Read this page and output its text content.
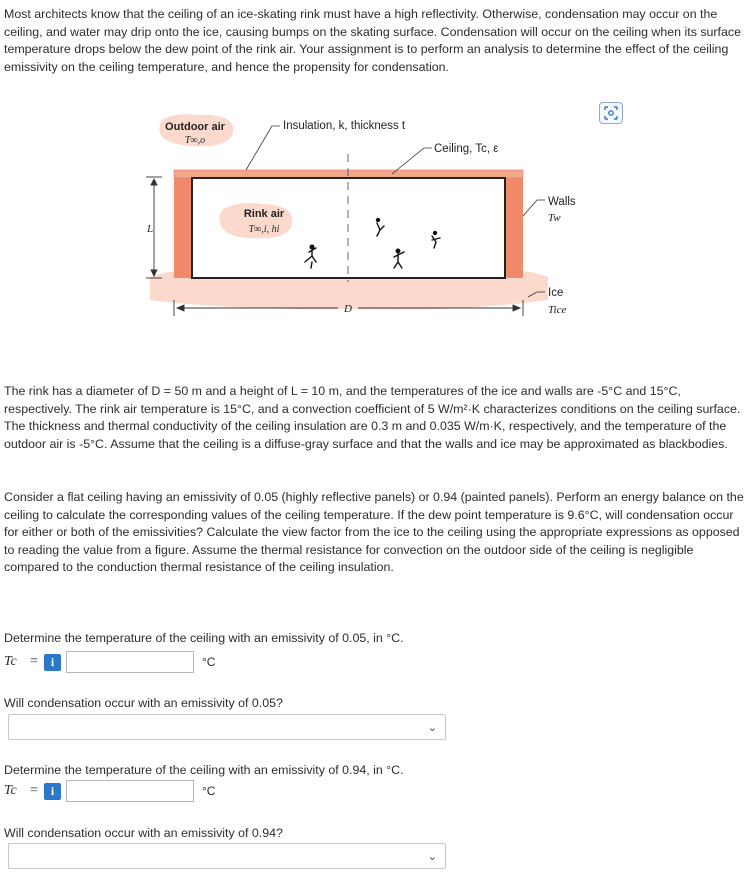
Most architects know that the ceiling of an ice-skating rink must have a high reflectivity. Otherwise, condensation may occur on the ceiling, and water may drip onto the ice, causing bumps on the skating surface. Condensation will occur on the ceiling when its surface temperature drops below the dew point of the rink air. Your assignment is to perform an analysis to determine the effect of the ceiling emissivity on the ceiling temperature, and hence the propensity for condensation.

Outdoor air
T∞,o
Insulation, k, thickness t
Ceiling, Tc, ε
Rink air
T∞,i, hi
Walls
Tw
Ice
Tice
L
D

The rink has a diameter of D = 50 m and a height of L = 10 m, and the temperatures of the ice and walls are -5°C and 15°C, respectively. The rink air temperature is 15°C, and a convection coefficient of 5 W/m²·K characterizes conditions on the ceiling surface. The thickness and thermal conductivity of the ceiling insulation are 0.3 m and 0.035 W/m·K, respectively, and the temperature of the outdoor air is -5°C. Assume that the ceiling is a diffuse-gray surface and that the walls and ice may be approximated as blackbodies.

Consider a flat ceiling having an emissivity of 0.05 (highly reflective panels) or 0.94 (painted panels). Perform an energy balance on the ceiling to calculate the corresponding values of the ceiling temperature. If the dew point temperature is 9.6°C, will condensation occur for either or both of the emissivities? Calculate the view factor from the ice to the ceiling using the appropriate expressions as opposed to reading the value from a figure. Assume the thermal resistance for convection on the outdoor side of the ceiling is negligible compared to the conduction thermal resistance of the ceiling insulation.

Determine the temperature of the ceiling with an emissivity of 0.05, in °C.
Tc =	i	°C
Will condensation occur with an emissivity of 0.05?
⌄
Determine the temperature of the ceiling with an emissivity of 0.94, in °C.
Tc =	i	°C
Will condensation occur with an emissivity of 0.94?
⌄
